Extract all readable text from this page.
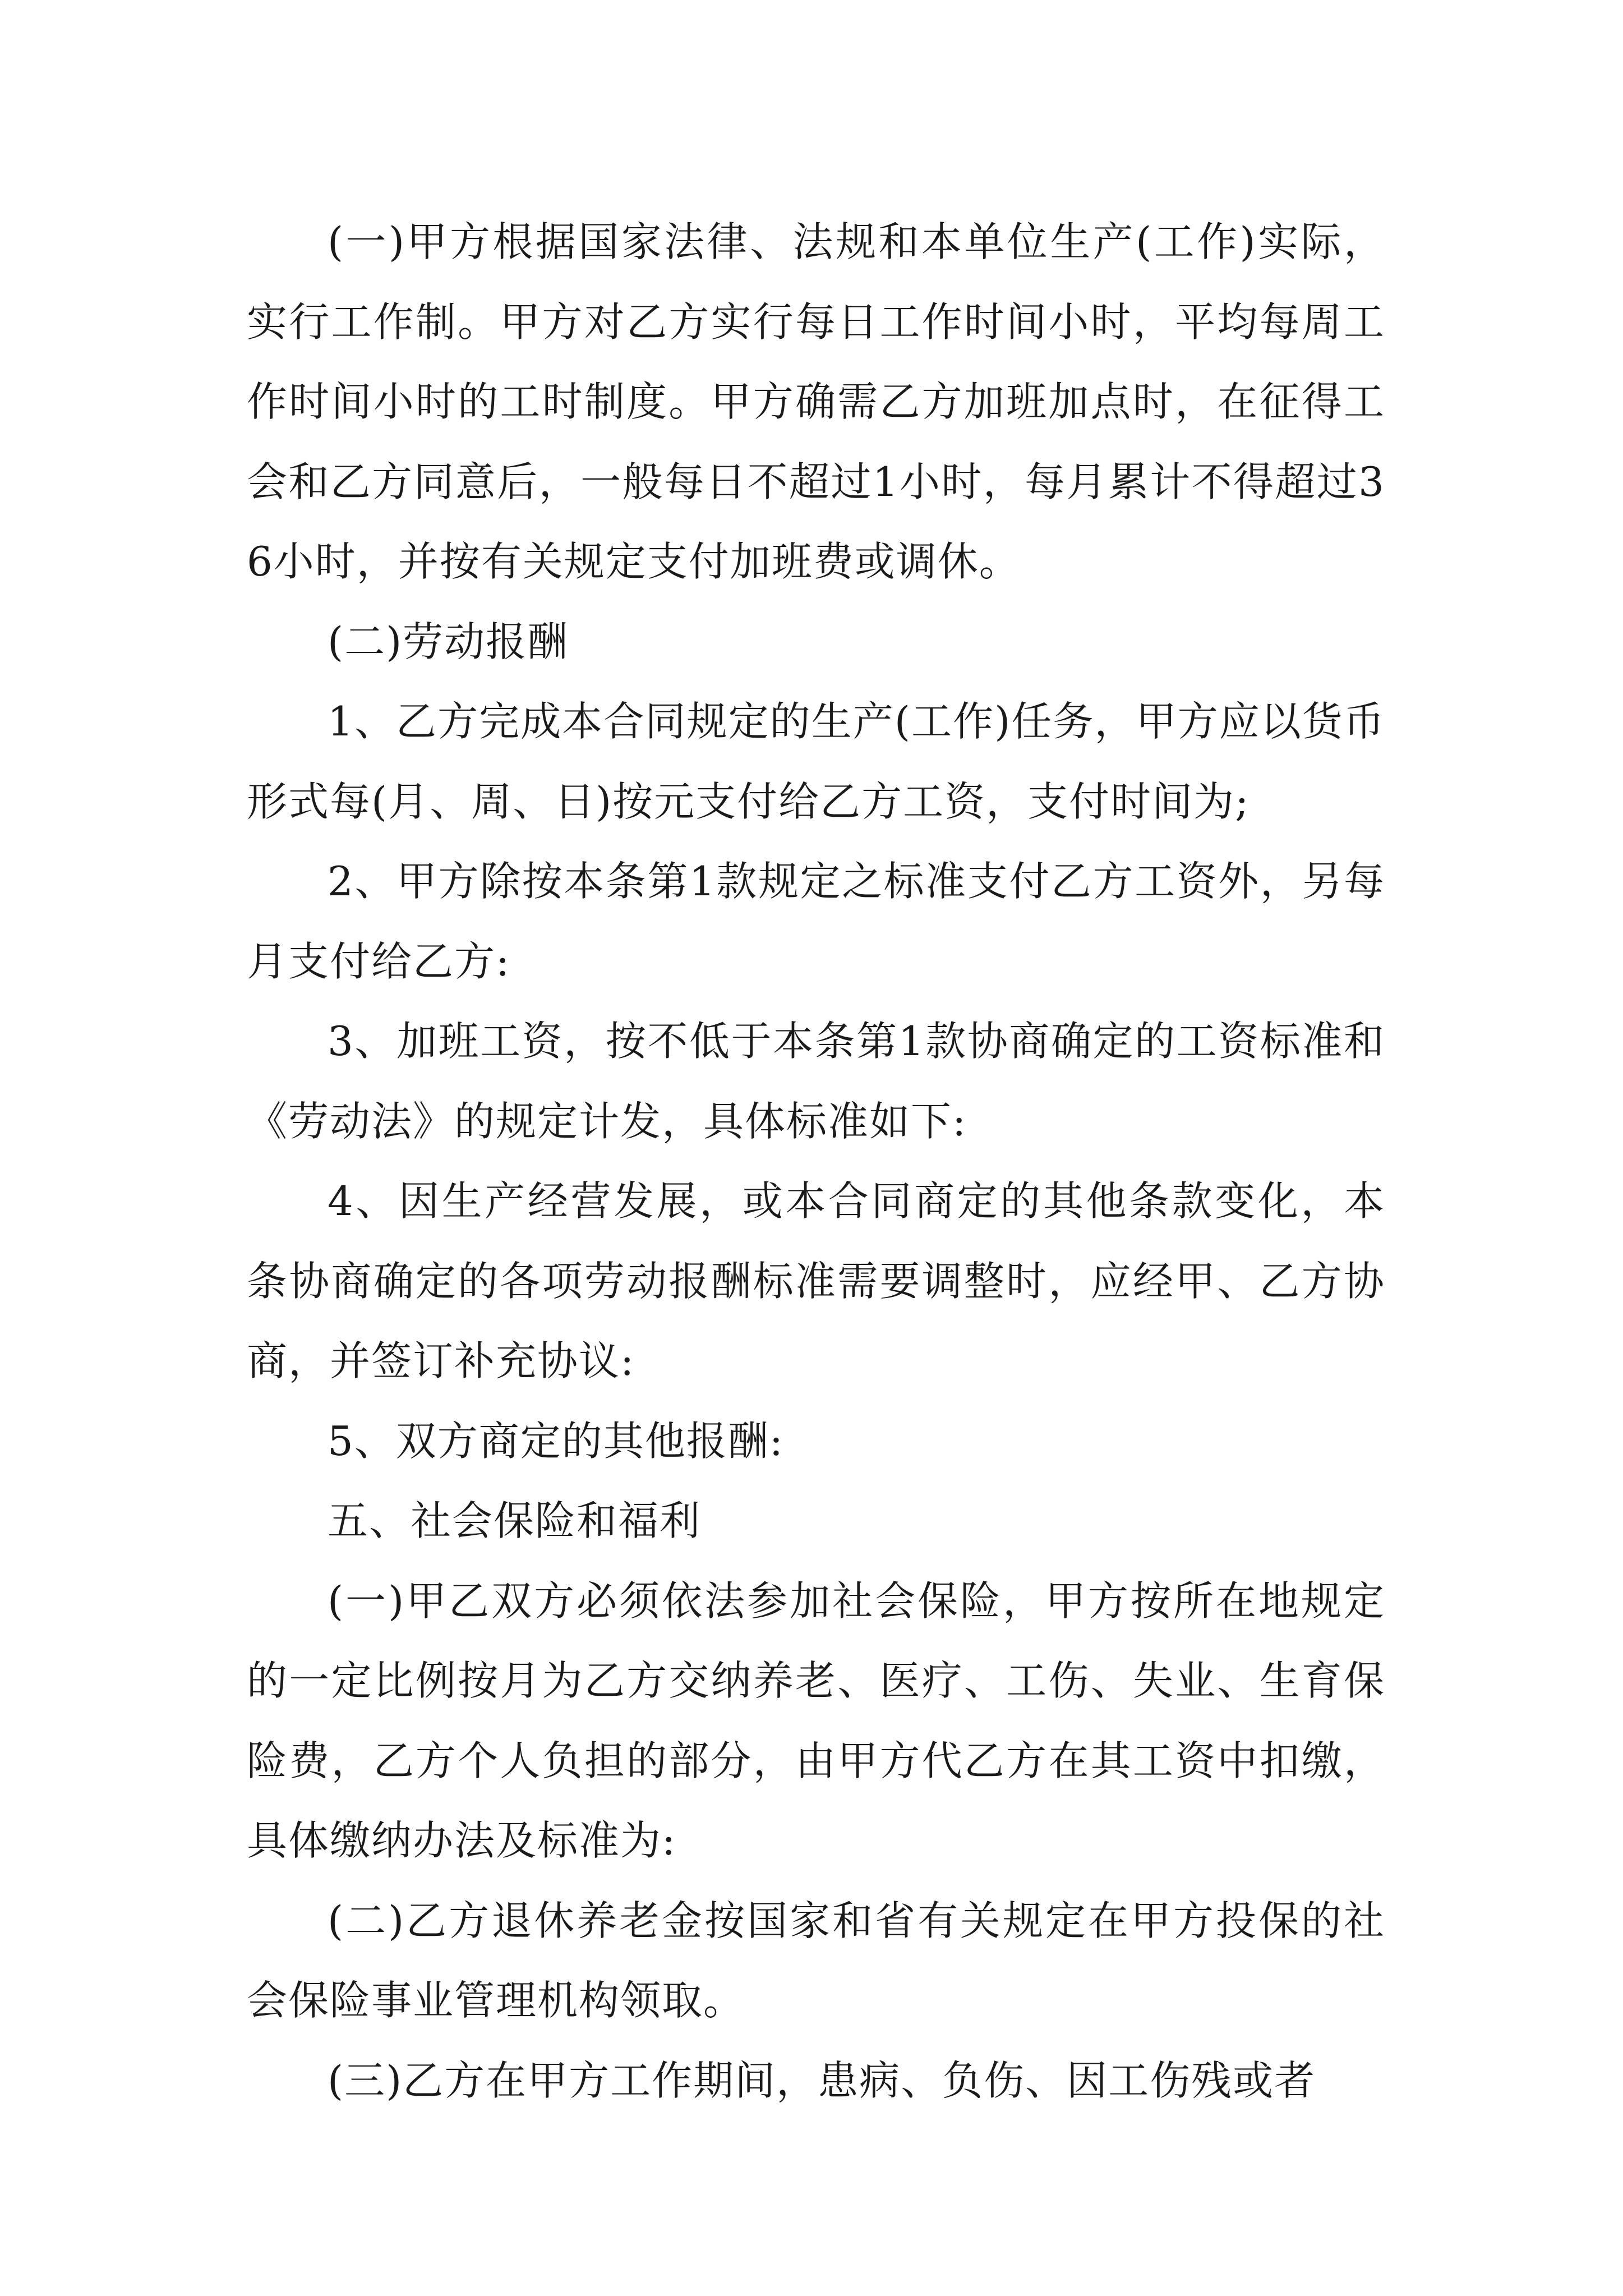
(一)甲方根据国家法律、法规和本单位生产(工作)实际，实行工作制。甲方对乙方实行每日工作时间小时，平均每周工作时间小时的工时制度。甲方确需乙方加班加点时，在征得工会和乙方同意后，一般每日不超过1小时，每月累计不得超过36小时，并按有关规定支付加班费或调休。

(二)劳动报酬

1、乙方完成本合同规定的生产(工作)任务，甲方应以货币形式每(月、周、日)按元支付给乙方工资，支付时间为;

2、甲方除按本条第1款规定之标准支付乙方工资外，另每月支付给乙方:

3、加班工资，按不低于本条第1款协商确定的工资标准和《劳动法》的规定计发，具体标准如下:

4、因生产经营发展，或本合同商定的其他条款变化，本条协商确定的各项劳动报酬标准需要调整时，应经甲、乙方协商，并签订补充协议:

5、双方商定的其他报酬:

五、社会保险和福利

(一)甲乙双方必须依法参加社会保险，甲方按所在地规定的一定比例按月为乙方交纳养老、医疗、工伤、失业、生育保险费，乙方个人负担的部分，由甲方代乙方在其工资中扣缴，具体缴纳办法及标准为:

(二)乙方退休养老金按国家和省有关规定在甲方投保的社会保险事业管理机构领取。

(三)乙方在甲方工作期间，患病、负伤、因工伤残或者
